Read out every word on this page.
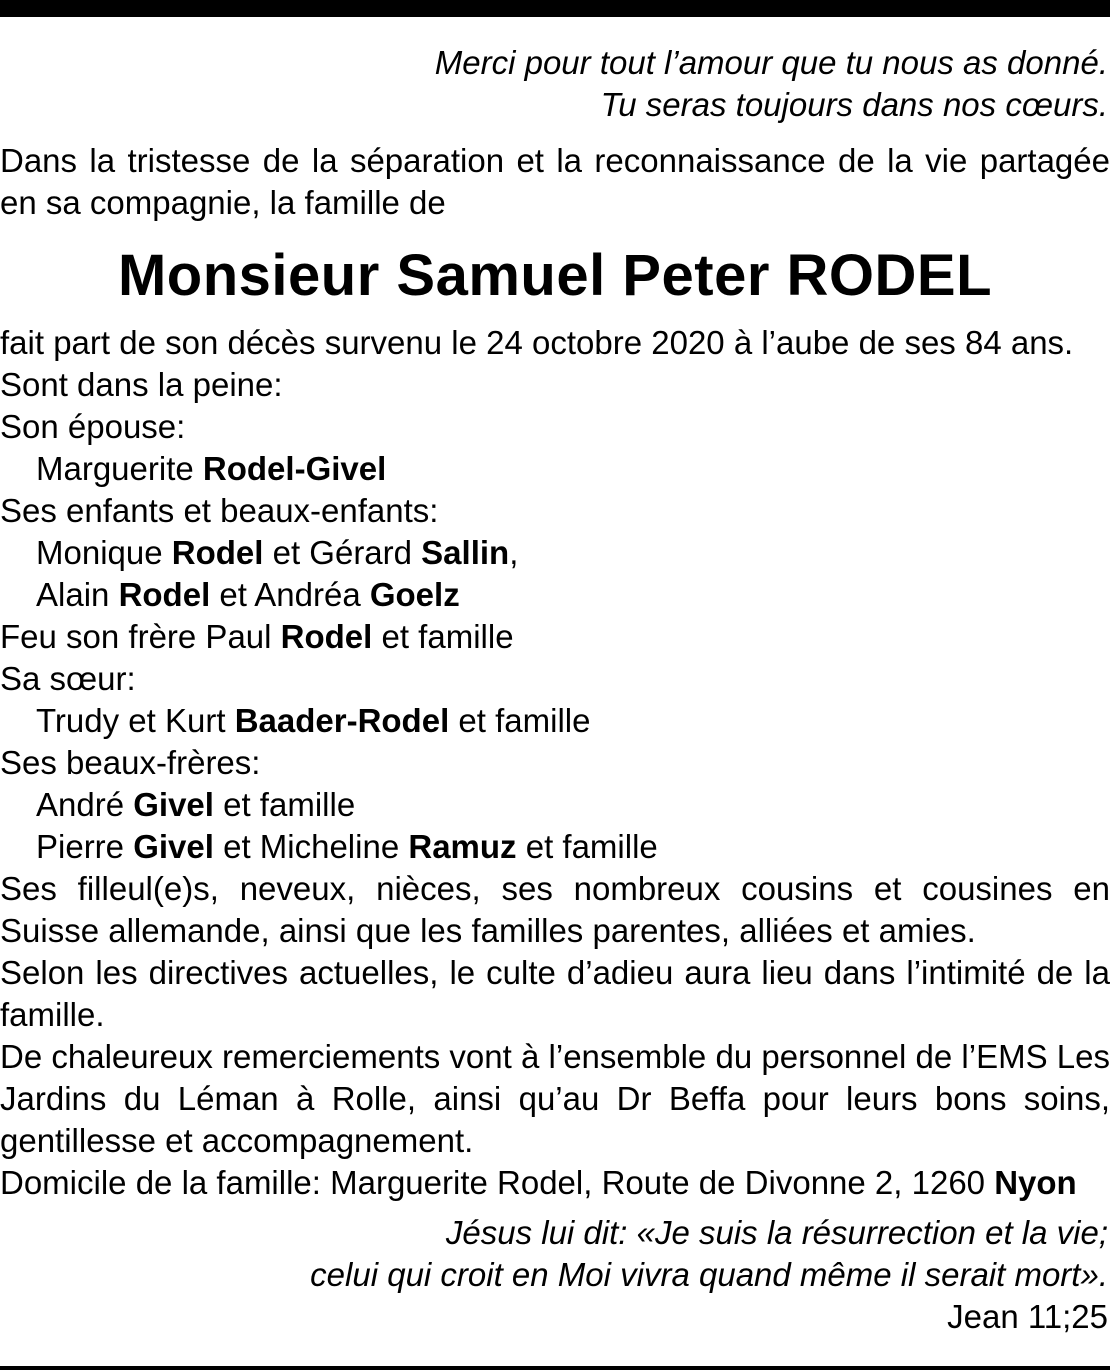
Merci pour tout l’amour que tu nous as donné.
Tu seras toujours dans nos cœurs.

Dans la tristesse de la séparation et la reconnaissance de la vie partagée en sa compagnie, la famille de

Monsieur Samuel Peter RODEL
fait part de son décès survenu le 24 octobre 2020 à l’aube de ses 84 ans.
Sont dans la peine:
Son épouse:
Marguerite Rodel-Givel
Ses enfants et beaux-enfants:
Monique Rodel et Gérard Sallin,
Alain Rodel et Andréa Goelz
Feu son frère Paul Rodel et famille
Sa sœur:
Trudy et Kurt Baader-Rodel et famille
Ses beaux-frères:
André Givel et famille
Pierre Givel et Micheline Ramuz et famille

Ses filleul(e)s, neveux, nièces, ses nombreux cousins et cousines en Suisse allemande, ainsi que les familles parentes, alliées et amies.

Selon les directives actuelles, le culte d’adieu aura lieu dans l’intimité de la famille.

De chaleureux remerciements vont à l’ensemble du personnel de l’EMS Les Jardins du Léman à Rolle, ainsi qu’au Dr Beffa pour leurs bons soins, gentillesse et accompagnement.

Domicile de la famille: Marguerite Rodel, Route de Divonne 2, 1260 Nyon
Jésus lui dit: «Je suis la résurrection et la vie;
celui qui croit en Moi vivra quand même il serait mort».
Jean 11;25
